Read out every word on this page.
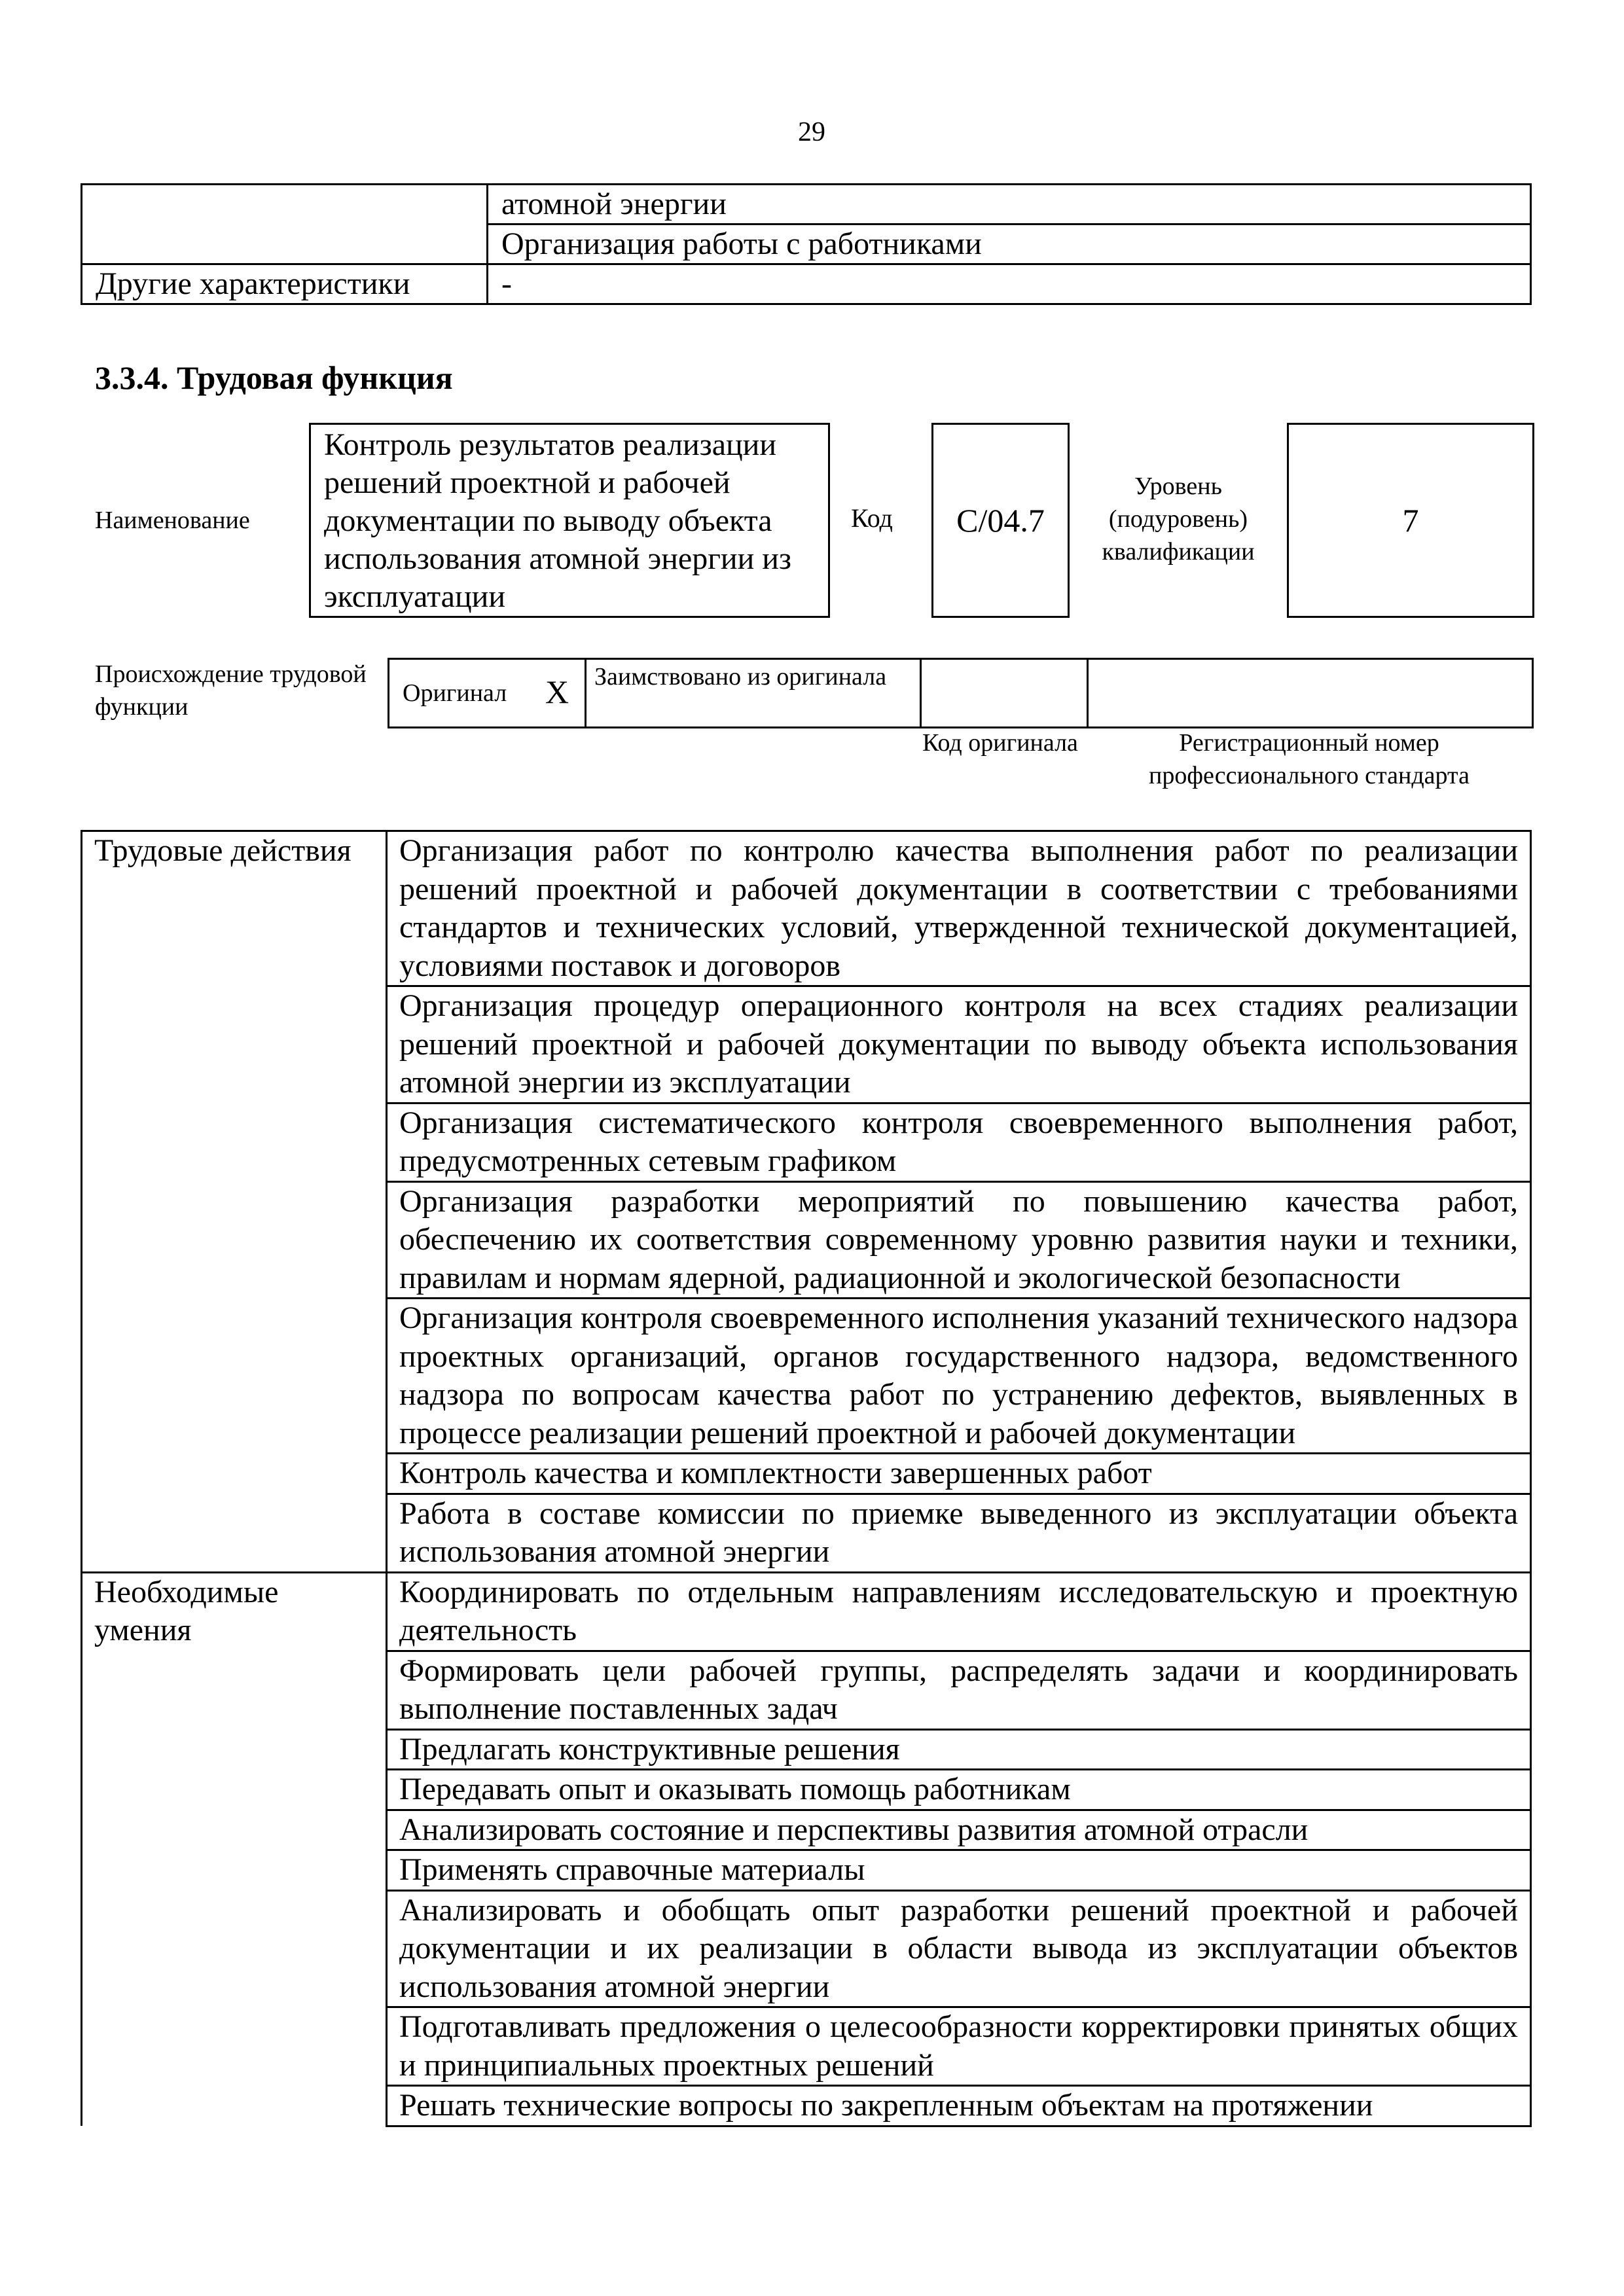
29
	атомной энергии
	Организация работы с работниками
Другие характеристики	-
3.3.4. Трудовая функция
Наименование
Контроль результатов реализации решений проектной и рабочей документации по выводу объекта использования атомной энергии из эксплуатации
Код С/04.7
Уровень (подуровень) квалификации
7
Происхождение трудовой функции	Оригинал X	Заимствовано из оригинала
Код оригинала	Регистрационный номер профессионального стандарта
Трудовые действия	Организация работ по контролю качества выполнения работ по реализации решений проектной и рабочей документации в соответствии с требованиями стандартов и технических условий, утвержденной технической документацией, условиями поставок и договоров
	Организация процедур операционного контроля на всех стадиях реализации решений проектной и рабочей документации по выводу объекта использования атомной энергии из эксплуатации
	Организация систематического контроля своевременного выполнения работ, предусмотренных сетевым графиком
	Организация разработки мероприятий по повышению качества работ, обеспечению их соответствия современному уровню развития науки и техники, правилам и нормам ядерной, радиационной и экологической безопасности
	Организация контроля своевременного исполнения указаний технического надзора проектных организаций, органов государственного надзора, ведомственного надзора по вопросам качества работ по устранению дефектов, выявленных в процессе реализации решений проектной и рабочей документации
	Контроль качества и комплектности завершенных работ
	Работа в составе комиссии по приемке выведенного из эксплуатации объекта использования атомной энергии
Необходимые умения	Координировать по отдельным направлениям исследовательскую и проектную деятельность
	Формировать цели рабочей группы, распределять задачи и координировать выполнение поставленных задач
	Предлагать конструктивные решения
	Передавать опыт и оказывать помощь работникам
	Анализировать состояние и перспективы развития атомной отрасли
	Применять справочные материалы
	Анализировать и обобщать опыт разработки решений проектной и рабочей документации и их реализации в области вывода из эксплуатации объектов использования атомной энергии
	Подготавливать предложения о целесообразности корректировки принятых общих и принципиальных проектных решений
	Решать технические вопросы по закрепленным объектам на протяжении
